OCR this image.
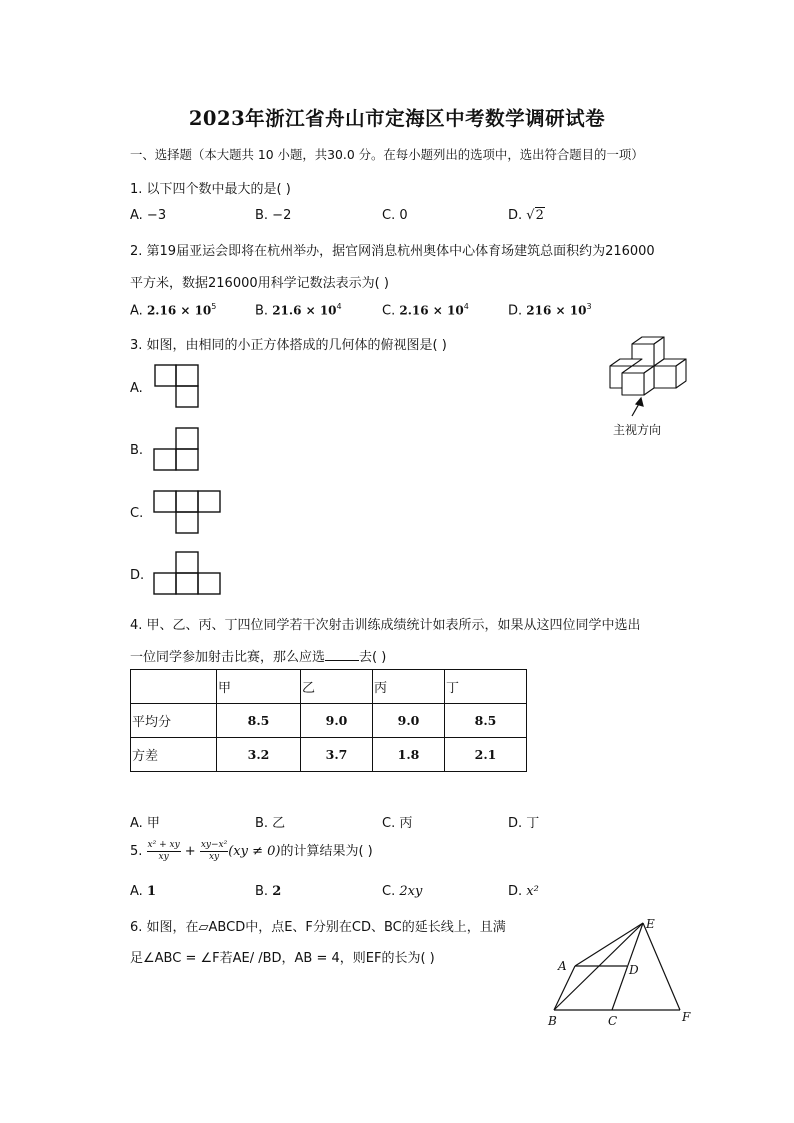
2023年浙江省舟山市定海区中考数学调研试卷
一、选择题（本大题共 10 小题，共30.0 分。在每小题列出的选项中，选出符合题目的一项）
1. 以下四个数中最大的是( )
A. −3	B. −2	C. 0	D. √2
2. 第19届亚运会即将在杭州举办，据官网消息杭州奥体中心体育场建筑总面积约为216000
平方米，数据216000用科学记数法表示为( )
A. $2.16 \times 10^5$	B. $21.6 \times 10^4$	C. $2.16 \times 10^4$	D. $216 \times 10^3$
3. 如图，由相同的小正方体搭成的几何体的俯视图是( )
A.
B.
C.
D.
主视方向
4. 甲、乙、丙、丁四位同学若干次射击训练成绩统计如表所示，如果从这四位同学中选出
一位同学参加射击比赛，那么应选	去( )
	甲	乙	丙	丁
平均分	8.5	9.0	9.0	8.5
方差	3.2	3.7	1.8	2.1
A. 甲	B. 乙	C. 丙	D. 丁
5. $\frac{\text{x² + xy}}{xy} + \frac{\text{xy−x²}}{xy} (xy \ne 0)$的计算结果为( )
A. 1	B. 2	C. 2xy	D. x²
6. 如图，在▱ABCD中，点E、F分别在CD、BC的延长线上，且满
足∠ABC = ∠F若AE/ /BD，AB = 4，则EF的长为( )	A
B	C
D
E
F
